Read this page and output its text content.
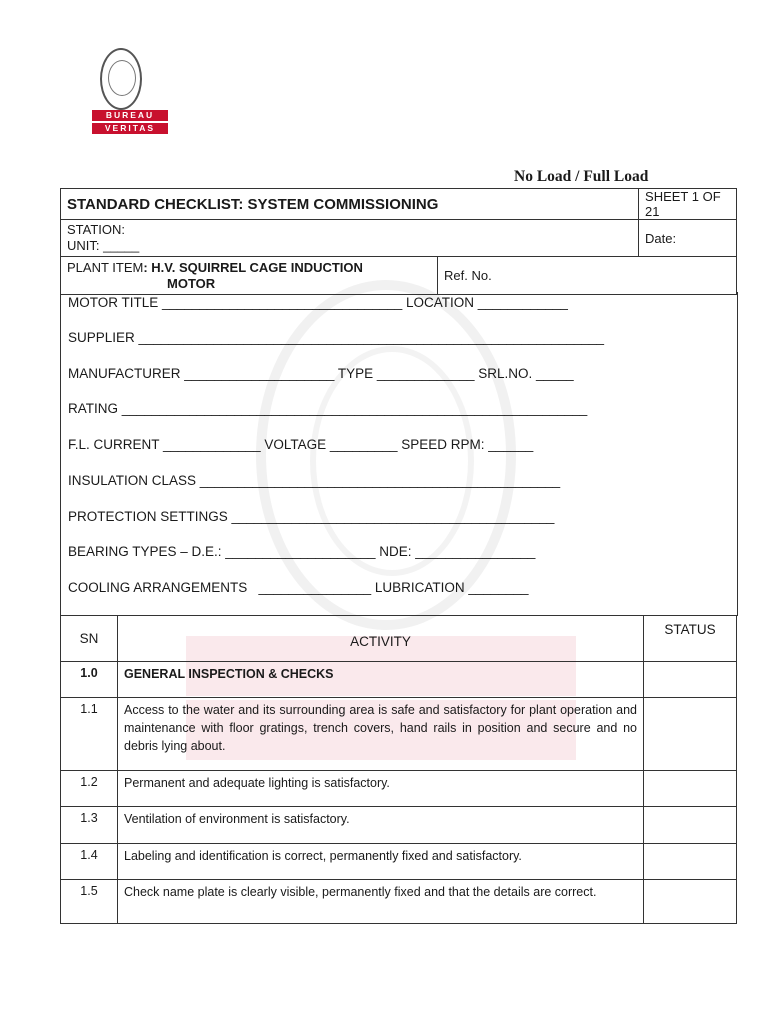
BUREAU
VERITAS
No Load / Full Load
STANDARD CHECKLIST: SYSTEM COMMISSIONING		SHEET 1 OF 21

STATION:
UNIT: _____		Date:
PLANT ITEM: H.V. SQUIRREL CAGE INDUCTION
MOTOR	Ref. No.	
MOTOR TITLE ________________________________ LOCATION ____________
SUPPLIER ______________________________________________________________
MANUFACTURER ____________________ TYPE _____________ SRL.NO. _____
RATING ______________________________________________________________
F.L. CURRENT _____________ VOLTAGE _________ SPEED RPM: ______
INSULATION CLASS ________________________________________________
PROTECTION SETTINGS ___________________________________________
BEARING TYPES – D.E.: ____________________ NDE: ________________
COOLING ARRANGEMENTS   _______________ LUBRICATION ________
SN	ACTIVITY	STATUS
1.0	GENERAL INSPECTION & CHECKS	
1.1	Access to the water and its surrounding area is safe and satisfactory for plant operation and maintenance with floor gratings, trench covers, hand rails in position and secure and no debris lying about.	
1.2	Permanent and adequate lighting is satisfactory.	
1.3	Ventilation of environment is satisfactory.	
1.4	Labeling and identification is correct, permanently fixed and satisfactory.	
1.5	Check name plate is clearly visible, permanently fixed and that the details are correct.	
